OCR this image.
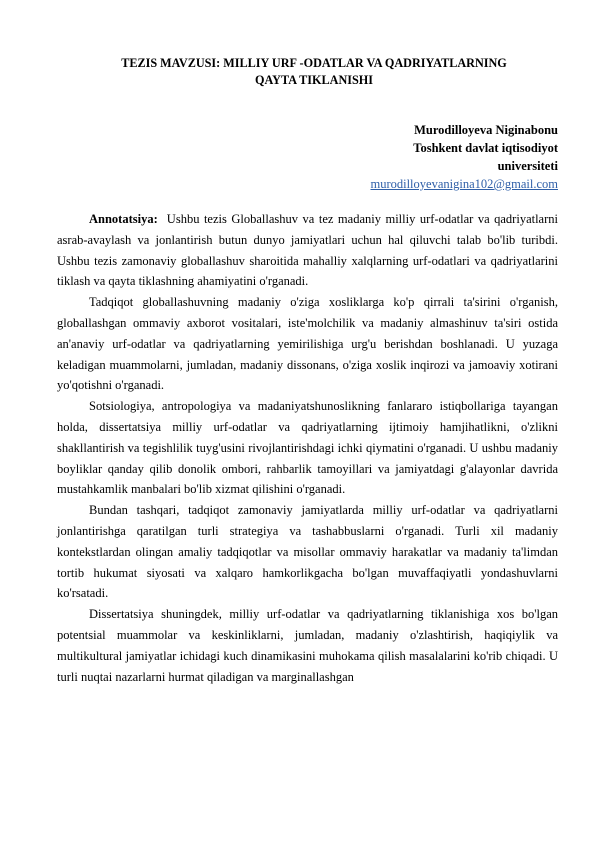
TEZIS MAVZUSI: MILLIY URF -ODATLAR VA QADRIYATLARNING
QAYTA TIKLANISHI
Murodilloyeva Niginabonu
Toshkent davlat iqtisodiyot
universiteti
murodilloyevanigina102@gmail.com

Annotatsiya: Ushbu tezis Globallashuv va tez madaniy milliy urf-odatlar va qadriyatlarni asrab-avaylash va jonlantirish butun dunyo jamiyatlari uchun hal qiluvchi talab bo'lib turibdi. Ushbu tezis zamonaviy globallashuv sharoitida mahalliy xalqlarning urf-odatlari va qadriyatlarini tiklash va qayta tiklashning ahamiyatini o'rganadi.

Tadqiqot globallashuvning madaniy o'ziga xosliklarga ko'p qirrali ta'sirini o'rganish, globallashgan ommaviy axborot vositalari, iste'molchilik va madaniy almashinuv ta'siri ostida an'anaviy urf-odatlar va qadriyatlarning yemirilishiga urg'u berishdan boshlanadi. U yuzaga keladigan muammolarni, jumladan, madaniy dissonans, o'ziga xoslik inqirozi va jamoaviy xotirani yo'qotishni o'rganadi.

Sotsiologiya, antropologiya va madaniyatshunoslikning fanlararo istiqbollariga tayangan holda, dissertatsiya milliy urf-odatlar va qadriyatlarning ijtimoiy hamjihatlikni, o'zlikni shakllantirish va tegishlilik tuyg'usini rivojlantirishdagi ichki qiymatini o'rganadi. U ushbu madaniy boyliklar qanday qilib donolik ombori, rahbarlik tamoyillari va jamiyatdagi g'alayonlar davrida mustahkamlik manbalari bo'lib xizmat qilishini o'rganadi.

Bundan tashqari, tadqiqot zamonaviy jamiyatlarda milliy urf-odatlar va qadriyatlarni jonlantirishga qaratilgan turli strategiya va tashabbuslarni o'rganadi. Turli xil madaniy kontekstlardan olingan amaliy tadqiqotlar va misollar ommaviy harakatlar va madaniy ta'limdan tortib hukumat siyosati va xalqaro hamkorlikgacha bo'lgan muvaffaqiyatli yondashuvlarni ko'rsatadi.

Dissertatsiya shuningdek, milliy urf-odatlar va qadriyatlarning tiklanishiga xos bo'lgan potentsial muammolar va keskinliklarni, jumladan, madaniy o'zlashtirish, haqiqiylik va multikultural jamiyatlar ichidagi kuch dinamikasini muhokama qilish masalalarini ko'rib chiqadi. U turli nuqtai nazarlarni hurmat qiladigan va marginallashgan
